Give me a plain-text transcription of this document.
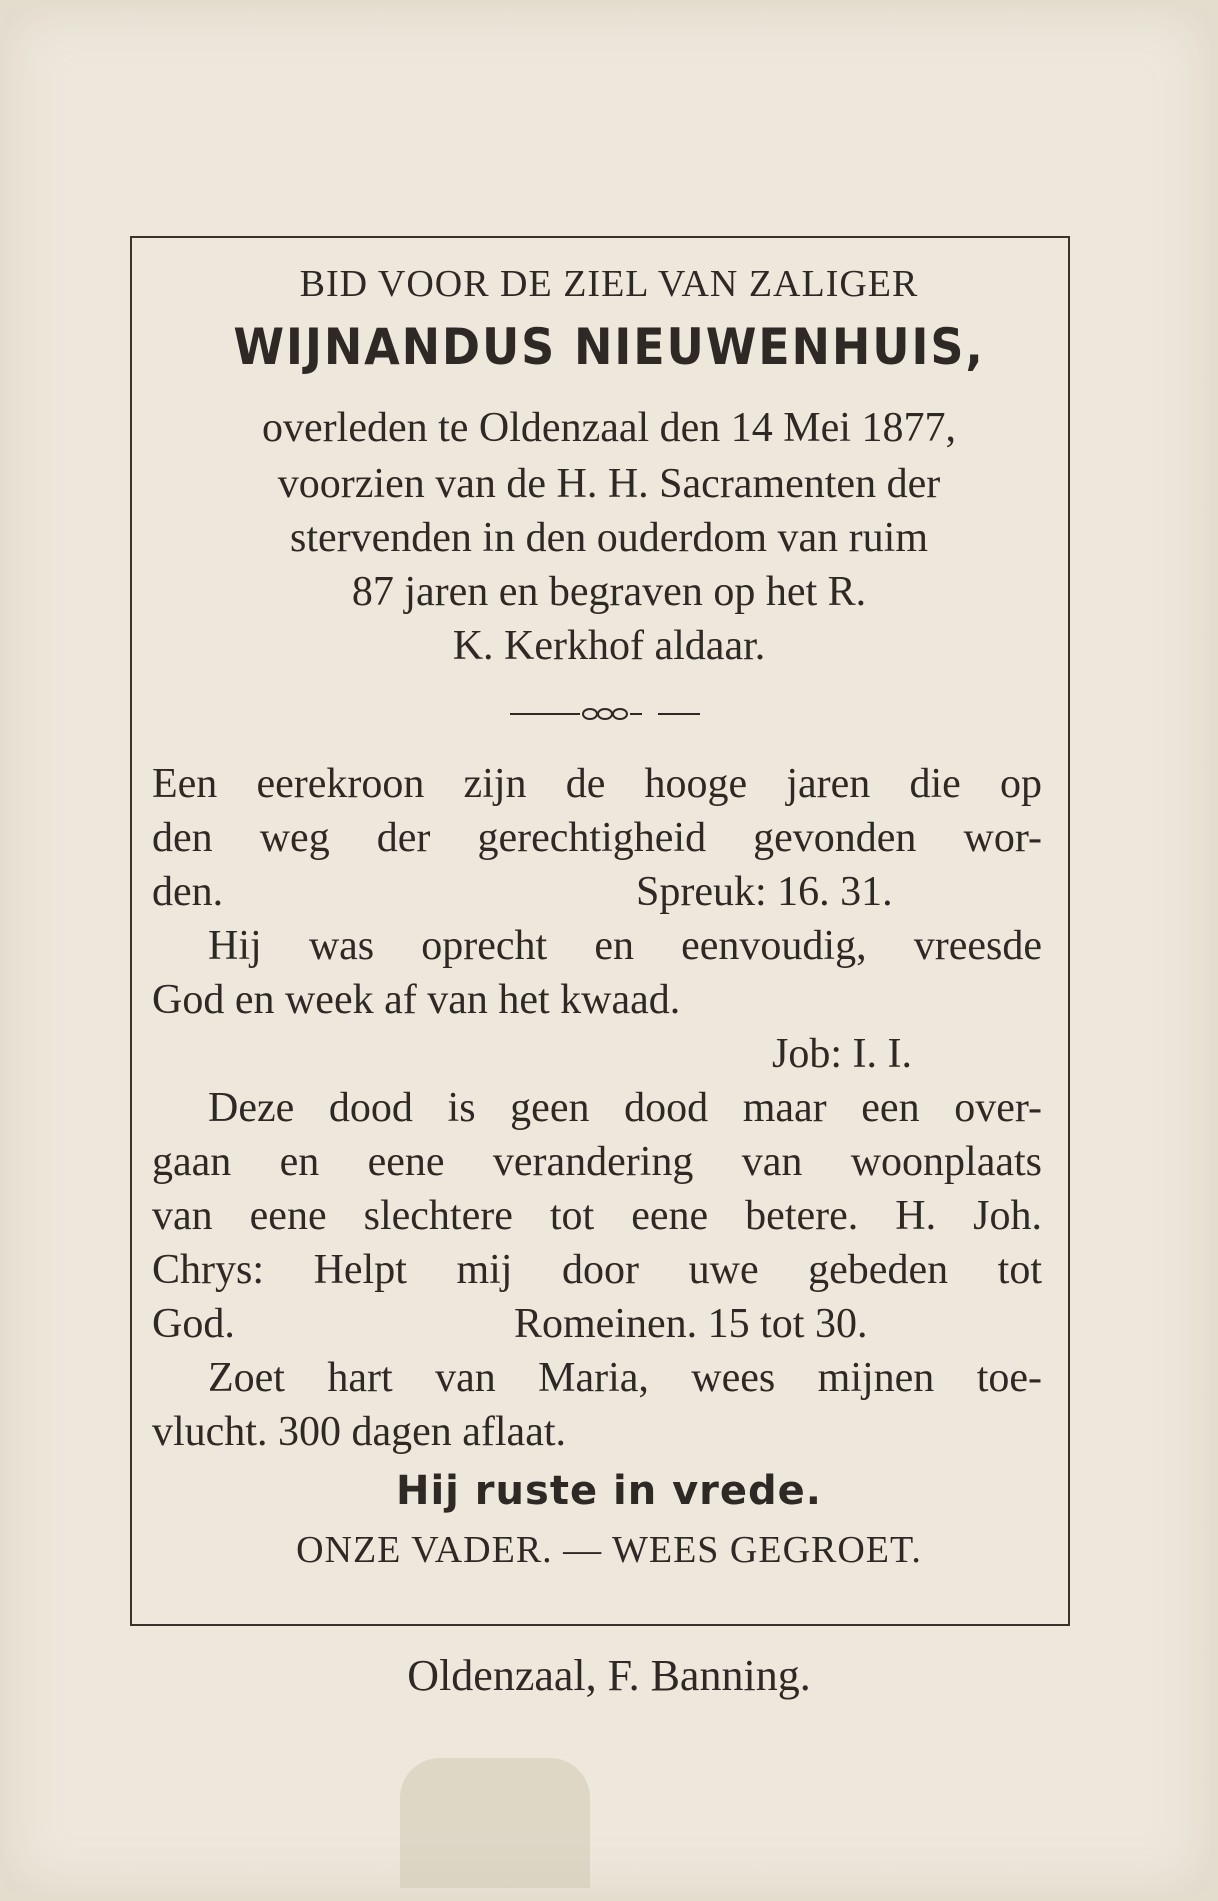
BID VOOR DE ZIEL VAN ZALIGER
WIJNANDUS NIEUWENHUIS,
overleden te Oldenzaal den 14 Mei 1877,
voorzien van de H. H. Sacramenten der
stervenden in den ouderdom van ruim
87 jaren en begraven op het R.
K. Kerkhof aldaar.
Een eerekroon zijn de hooge jaren die op
den weg der gerechtigheid gevonden wor-
den.	Spreuk: 16. 31.
Hij was oprecht en eenvoudig, vreesde
God en week af van het kwaad.
Job: I. I.
Deze dood is geen dood maar een over-
gaan en eene verandering van woonplaats
van eene slechtere tot eene betere. H. Joh.
Chrys: Helpt mij door uwe gebeden tot
God.	Romeinen. 15 tot 30.
Zoet hart van Maria, wees mijnen toe-
vlucht. 300 dagen aflaat.
Hij ruste in vrede.
ONZE VADER. — WEES GEGROET.
Oldenzaal, F. Banning.
